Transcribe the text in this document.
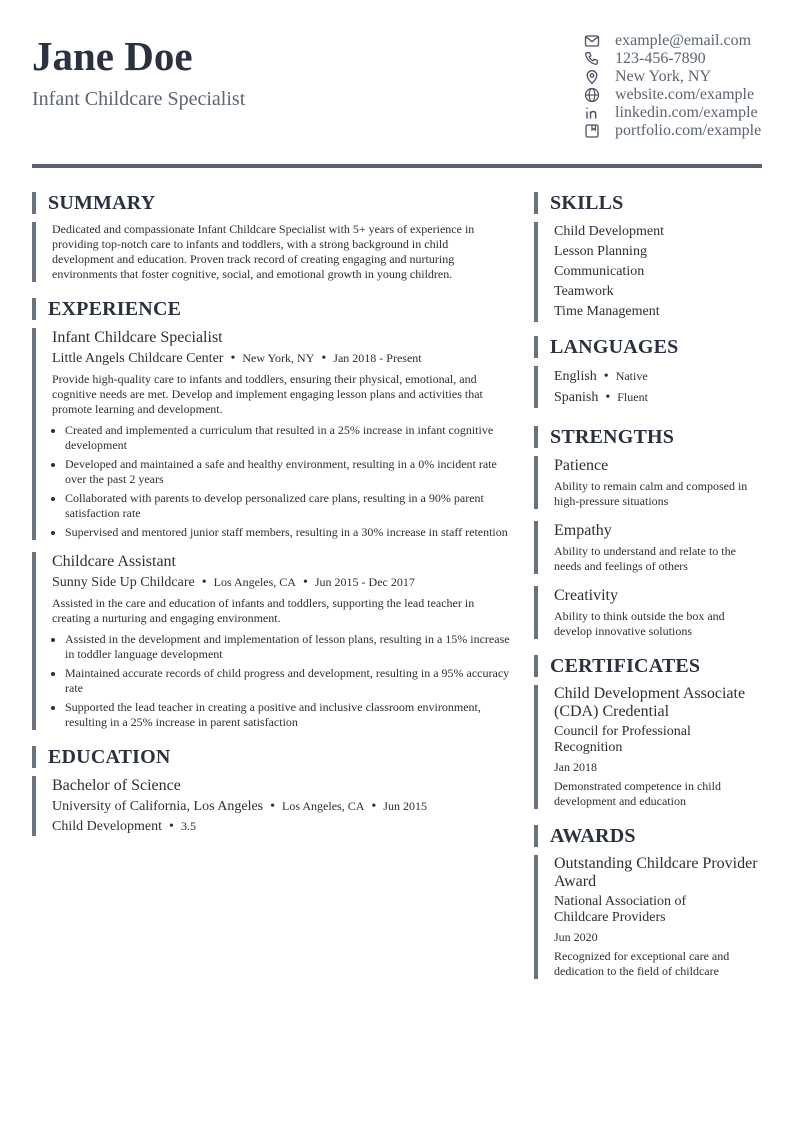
Jane Doe
Infant Childcare Specialist
example@email.com
123-456-7890
New York, NY
website.com/example
linkedin.com/example
portfolio.com/example
SUMMARY
Dedicated and compassionate Infant Childcare Specialist with 5+ years of experience in providing top-notch care to infants and toddlers, with a strong background in child development and education. Proven track record of creating engaging and nurturing environments that foster cognitive, social, and emotional growth in young children.
EXPERIENCE
Infant Childcare Specialist
Little Angels Childcare Center • New York, NY • Jan 2018 - Present
Provide high-quality care to infants and toddlers, ensuring their physical, emotional, and cognitive needs are met. Develop and implement engaging lesson plans and activities that promote learning and development.
• Created and implemented a curriculum that resulted in a 25% increase in infant cognitive development
• Developed and maintained a safe and healthy environment, resulting in a 0% incident rate over the past 2 years
• Collaborated with parents to develop personalized care plans, resulting in a 90% parent satisfaction rate
• Supervised and mentored junior staff members, resulting in a 30% increase in staff retention
Childcare Assistant
Sunny Side Up Childcare • Los Angeles, CA • Jun 2015 - Dec 2017
Assisted in the care and education of infants and toddlers, supporting the lead teacher in creating a nurturing and engaging environment.
• Assisted in the development and implementation of lesson plans, resulting in a 15% increase in toddler language development
• Maintained accurate records of child progress and development, resulting in a 95% accuracy rate
• Supported the lead teacher in creating a positive and inclusive classroom environment, resulting in a 25% increase in parent satisfaction
EDUCATION
Bachelor of Science
University of California, Los Angeles • Los Angeles, CA • Jun 2015
Child Development • 3.5
SKILLS
Child Development
Lesson Planning
Communication
Teamwork
Time Management
LANGUAGES
English • Native
Spanish • Fluent
STRENGTHS
Patience
Ability to remain calm and composed in high-pressure situations
Empathy
Ability to understand and relate to the needs and feelings of others
Creativity
Ability to think outside the box and develop innovative solutions
CERTIFICATES
Child Development Associate (CDA) Credential
Council for Professional Recognition
Jan 2018
Demonstrated competence in child development and education
AWARDS
Outstanding Childcare Provider Award
National Association of Childcare Providers
Jun 2020
Recognized for exceptional care and dedication to the field of childcare
